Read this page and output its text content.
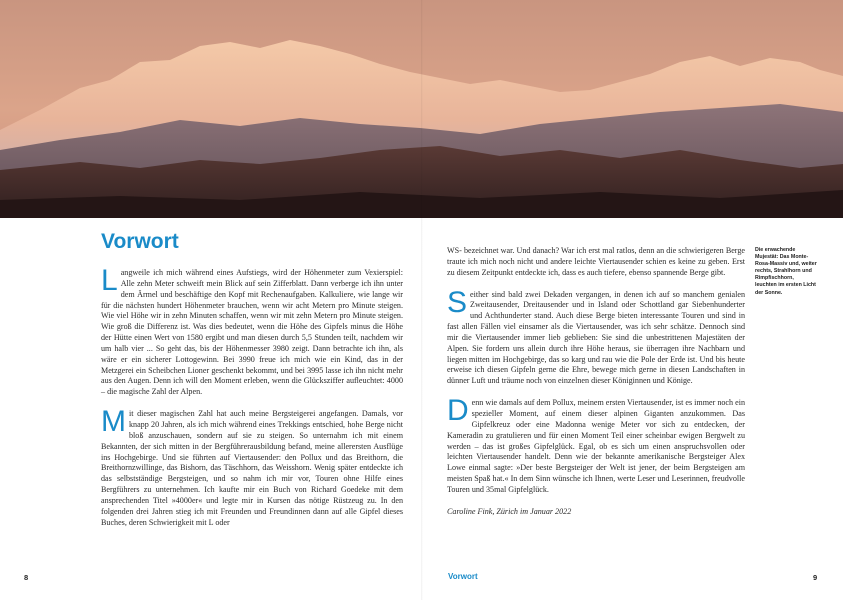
Vorwort

Langweile ich mich während eines Aufstiegs, wird der Höhenmeter zum Vexierspiel: Alle zehn Meter schweift mein Blick auf sein Zifferblatt. Dann verberge ich ihn unter dem Ärmel und beschäftige den Kopf mit Rechenaufgaben. Kalkuliere, wie lange wir für die nächsten hundert Höhenmeter brauchen, wenn wir acht Metern pro Minute steigen. Wie viel Höhe wir in zehn Minuten schaffen, wenn wir mit zehn Metern pro Minute steigen. Wie groß die Differenz ist. Was dies bedeutet, wenn die Höhe des Gipfels minus die Höhe der Hütte einen Wert von 1580 ergibt und man diesen durch 5,5 Stunden teilt, nachdem wir um halb vier ... So geht das, bis der Höhenmesser 3980 zeigt. Dann betrachte ich ihn, als wäre er ein sicherer Lottogewinn. Bei 3990 freue ich mich wie ein Kind, das in der Metzgerei ein Scheibchen Lioner geschenkt bekommt, und bei 3995 lasse ich ihn nicht mehr aus den Augen. Denn ich will den Moment erleben, wenn die Glücksziffer aufleuchtet: 4000 – die magische Zahl der Alpen.

Mit dieser magischen Zahl hat auch meine Bergsteigerei angefangen. Damals, vor knapp 20 Jahren, als ich mich während eines Trekkings entschied, hohe Berge nicht bloß anzuschauen, sondern auf sie zu steigen. So unternahm ich mit einem Bekannten, der sich mitten in der Bergführerausbildung befand, meine allerersten Ausflüge ins Hochgebirge. Und sie führten auf Viertausender: den Pollux und das Breithorn, die Breithornzwillinge, das Bishorn, das Täschhorn, das Weisshorn. Wenig später entdeckte ich das selbstständige Bergsteigen, und so nahm ich mir vor, Touren ohne Hilfe eines Bergführers zu unternehmen. Ich kaufte mir ein Buch von Richard Goedeke mit dem ansprechenden Titel »4000er« und legte mir in Kursen das nötige Rüstzeug zu. In den folgenden drei Jahren stieg ich mit Freunden und Freundinnen dann auf alle Gipfel dieses Buches, deren Schwierigkeit mit L oder

WS- bezeichnet war. Und danach? War ich erst mal ratlos, denn an die schwierigeren Berge traute ich mich noch nicht und andere leichte Viertausender schien es keine zu geben. Erst zu diesem Zeitpunkt entdeckte ich, dass es auch tiefere, ebenso spannende Berge gibt.

Seither sind bald zwei Dekaden vergangen, in denen ich auf so manchem genialen Zweitausender, Dreitausender und in Island oder Schottland gar Siebenhunderter und Achthunderter stand. Auch diese Berge bieten interessante Touren und sind in fast allen Fällen viel einsamer als die Viertausender, was ich sehr schätze. Dennoch sind mir die Viertausender immer lieb geblieben: Sie sind die unbestrittenen Majestäten der Alpen. Sie fordern uns allein durch ihre Höhe heraus, sie überragen ihre Nachbarn und liegen mitten im Hochgebirge, das so karg und rau wie die Pole der Erde ist. Und bis heute erweise ich diesen Gipfeln gerne die Ehre, bewege mich gerne in diesen Landschaften in dünner Luft und träume noch von einzelnen dieser Königinnen und Könige.

Denn wie damals auf dem Pollux, meinem ersten Viertausender, ist es immer noch ein spezieller Moment, auf einem dieser alpinen Giganten anzukommen. Das Gipfelkreuz oder eine Madonna wenige Meter vor sich zu entdecken, der Kameradin zu gratulieren und für einen Moment Teil einer scheinbar ewigen Bergwelt zu werden – das ist großes Gipfelglück. Egal, ob es sich um einen anspruchsvollen oder leichten Viertausender handelt. Denn wie der bekannte amerikanische Bergsteiger Alex Lowe einmal sagte: »Der beste Bergsteiger der Welt ist jener, der beim Bergsteigen am meisten Spaß hat.« In dem Sinn wünsche ich Ihnen, werte Leser und Leserinnen, freudvolle Touren und 35mal Gipfelglück.

Caroline Fink, Zürich im Januar 2022

Die erwachende Mujestät: Das Monte-Rosa-Massiv und, weiter rechts, Strahlhorn und Rimpfischhorn, leuchten im ersten Licht der Sonne.
8	Vorwort	9
